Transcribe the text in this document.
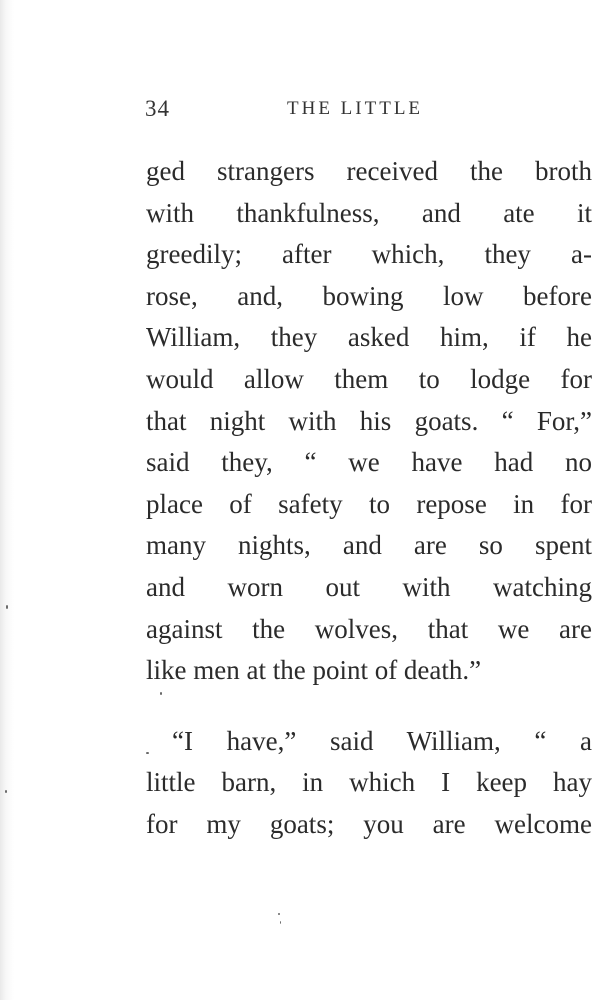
34	THE LITTLE
ged strangers received the broth
with thankfulness, and ate it
greedily; after which, they a-
rose, and, bowing low before
William, they asked him, if he
would allow them to lodge for
that night with his goats. “ For,”
said they, “ we have had no
place of safety to repose in for
many nights, and are so spent
and worn out with watching
against the wolves, that we are
like men at the point of death.”
“I have,” said William, “ a
little barn, in which I keep hay
for my goats; you are welcome
